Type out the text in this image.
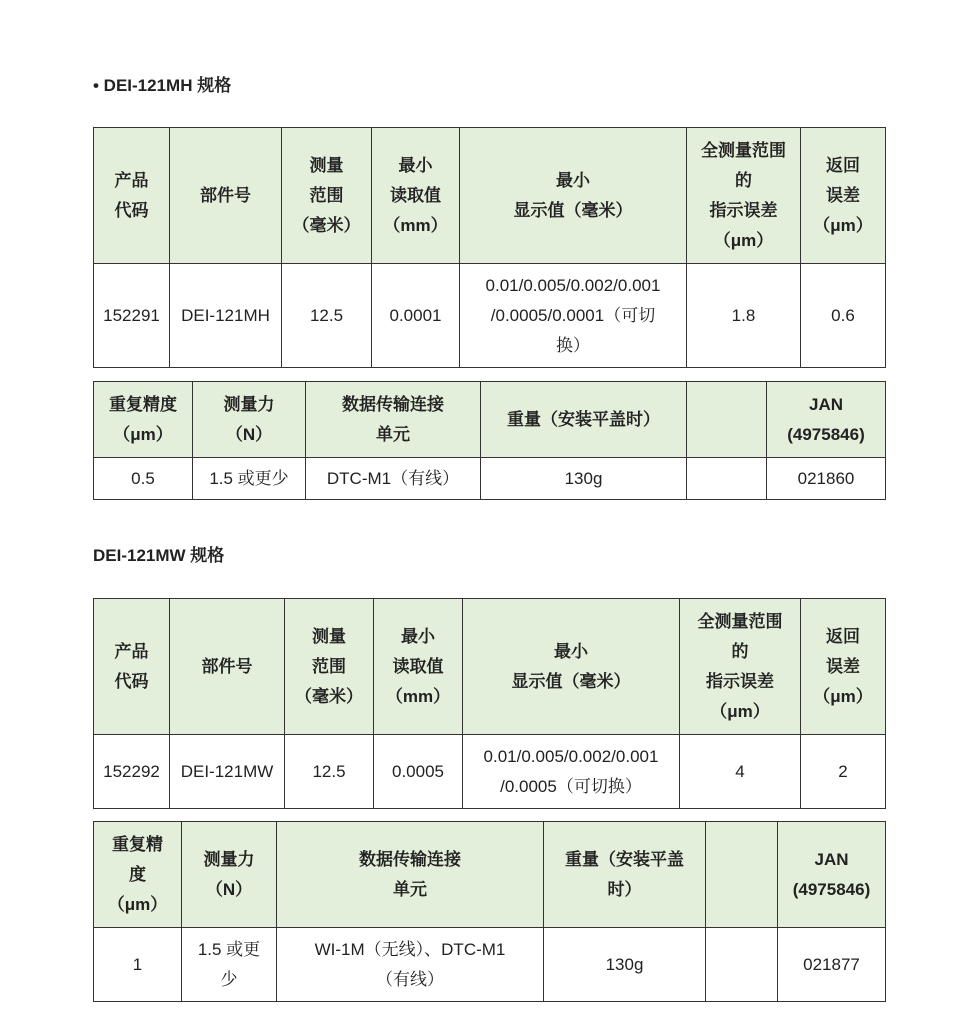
• DEI-121MH 规格
产品
代码	部件号	测量
范围
（毫米）	最小
读取值
（mm）	最小
显示值（毫米）	全测量范围
的
指示误差
（μm）	返回
误差
（μm）
152291	DEI-121MH	12.5	0.0001	0.01/0.005/0.002/0.001
/0.0005/0.0001（可切
换）	1.8	0.6
重复精度
（μm）	测量力
（N）	数据传输连接
单元	重量（安装平盖时）		JAN
(4975846)
0.5	1.5 或更少	DTC-M1（有线）	130g		021860
DEI-121MW 规格
产品
代码	部件号	测量
范围
（毫米）	最小
读取值
（mm）	最小
显示值（毫米）	全测量范围
的
指示误差
（μm）	返回
误差
（μm）
152292	DEI-121MW	12.5	0.0005	0.01/0.005/0.002/0.001
/0.0005（可切换）	4	2
重复精
度
（μm）	测量力
（N）	数据传输连接
单元	重量（安装平盖
时）		JAN
(4975846)
1	1.5 或更
少	WI-1M（无线）、DTC-M1
（有线）	130g		021877
